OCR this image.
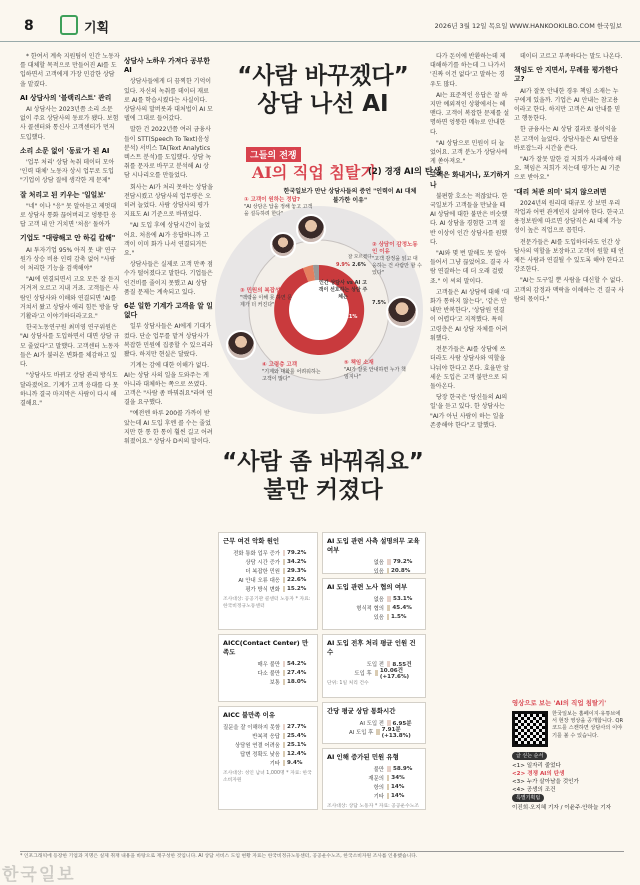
8	기획	2026년 3월 12일 목요일 WWW.HANKOOKILBO.COM 한국일보

* 한여서 계속 지원팀이 인간 노동자를 대체할 목적으로 만들어진 AI를 도입하면서 고객에게 가장 민감한 상담을 맡겼다.

AI 상담사의 '블랙리스트' 관리

AI 상담사는 2023년쯤 소리 소문 없이 주요 상담사의 동료가 됐다. 보험사 콜센터와 통신사 고객센터가 먼저 도입했다.

소리 소문 없이 '동료'가 된 AI

'업무 처리' 상담 녹취 데이터 모아 '인력 대체' 노동자 상시 업무로 도입 "기업이 상담 질에 생각한 게 문제"

잘 처리고 된 키우는 '일일보'

"네" 이나 "응" 못 알아듣고 제멋대로 상담사 통화 끊어버리고 엉뚱한 응답 고객 내 안 거치면 '처음' 돌아가

기업도 "대량해고 안 하길 칼해"

AI 투자기업 95% 아직 못 내' 연구 원가 상승 비용 인력 감축 없어 "사람이 처리한 기능을 검색해야"

"AI에 연결되면서 고요 모든 잘 듣지 거겨져 오르고 지내 거죠. 고객들은 사람인 상담사와 이해와 연결되면 'AI를 거쳐서 왔고 상담사 애리 힘든 방을 당기활라'고 이야기하더라고요."

한국노동연구원 최미영 연구위원은 "AI 상담사를 도입하면서 대면 상담 규모 줄었다"고 말했다. 고객센터 노동자들은 AI가 불러온 변화를 체감하고 있다.

"상담사도 바뀌고 상담 관리 방식도 달라졌어요. 기계가 고객 응대를 다 못 하니까 결국 마지막은 사람이 다시 해결해요."

상담사 노하우 가져다 공부한 AI

상담사들에게 더 끔찍한 기억이 있다. 자신의 녹취를 데이터 재료로 AI를 학습시켰다는 사실이다. 상담사의 말버릇과 대처법이 AI 모델에 그대로 들어갔다.

말한 건 2022년쯤 여러 금융사들이 STT(Speech To Text)음성 분석) 서비스 TA(Text Analytics 텍스트 분석)를 도입했다. 상담 녹취를 문자로 바꾸고 분석해 AI 상담 시나리오를 만들었다.

회사는 AI가 처리 못하는 상담을 전담시켰고 상담사의 업무량은 오히려 늘었다. 사람 상담사의 평가 지표도 AI 기준으로 바뀌었다.

"AI 도입 후에 상담시간이 늘었어요. 처음에 AI가 응답하니까 고객이 이미 화가 나서 연결되거든요."

상담사들은 실제로 고객 만족 점수가 떨어졌다고 말한다. 기업들은 인건비를 줄이지 못했고 AI 상담 품질 문제는 계속되고 있다.

6분 일한 기계가 고객을 알 일 없다

일부 상담사들은 AI에게 기대가 컸다. 단순 업무를 맡겨 상담사가 복잡한 민원에 집중할 수 있으리라 봤다. 하지만 현실은 달랐다.

기계는 감에 대한 이해가 없다. AI는 상담 사의 일을 도와주는 게 아니라 대체하는 쪽으로 쓰였다. 고객은 "사람 좀 바꿔줘요"라며 연결을 요구했다.

"예전엔 하루 200콜 가까이 받았는데 AI 도입 후엔 콜 수는 줄었지만 한 통 한 통이 훨씬 길고 어려워졌어요." 상담사 D씨의 말이다.

“사람 바꾸겠다”
상담 나선 AI
그들의 전쟁
AI의 직업 침탈기
(2) 경쟁 AI의 탄생
한국일보가 만난 상담사들의 증언 "인력이 AI 대체 불가한 이유"
인간 상담사 vs AI 고객이 선호하는 상담 주체는
9.9%
87.1%
잘 모르겠다
2.6%
7.5%
① 고객이 원하는 정답?
"AI 상담은 답을 정해 놓고 고객을 설득하려 한다"
② 상담이 감정노동인 이유
"고객 감정을 읽고 대응하는 건 사람만 할 수 있다"
③ 민원의 복잡성
"맥락을 이해 못 하면 문제가 더 커진다"
④ 고령층 고객
"기계와 대화를 어려워하는 고객이 많다"
⑤ 책임 소재
"AI가 잘못 안내하면 누가 책임지나"
“사람 좀 바꿔줘요”
불만 커졌다

다가 돈이에 반환하는데 제 대해하기를 하는데 그 나가서 '진짜 이건 없다'고 말하는 경우도 많다.

AI는 표준적인 응답은 잘 하지만 예외적인 상황에서는 헤맨다. 고객이 복잡한 문제를 설명하면 엉뚱한 메뉴로 안내한다.

"AI 상담으로 민원이 더 늘었어요. 고객 분노가 상담사에게 쏟아져요."

고객은 화내거나, 포기하거나

불편함 호소는 적잖았다. 한국일보가 고객들을 만났을 때 AI 상담에 대한 불만은 비슷했다. AI 상담을 경험한 고객 절반 이상이 인간 상담사를 원했다.

"AI와 몇 번 말해도 못 알아들어서 그냥 끊었어요. 결국 사람 연결하는 데 더 오래 걸렸죠." 이 씨의 말이다.

고객들은 AI 상담에 대해 '대화가 통하지 않는다', '같은 안내만 반복한다', '상담원 연결이 어렵다'고 지적했다. 특히 고령층은 AI 상담 자체를 어려워했다.

전문가들은 AI를 상담에 쓰더라도 사람 상담사와 역할을 나눠야 한다고 본다. 효율만 앞세운 도입은 고객 불만으로 되돌아온다.

당장 한국은 '당신들의 AI의 일'을 듣고 있다. 한 상담사는 "AI가 아닌 사람이 하는 일을 존중해야 한다"고 말했다.

데이터 고르고 부족하다는 말도 나온다.

책임도 안 지면서, 무례를 평가한다고?

AI가 잘못 안내한 경우 책임 소재는 누구에게 있을까. 기업은 AI 안내는 참고용이라고 한다. 하지만 고객은 AI 안내를 믿고 행동한다.

한 금융사는 AI 상담 결과로 불이익을 본 고객이 늘었다. 상담사들은 AI 답변을 바로잡느라 시간을 쓴다.

"AI가 잘못 말한 걸 저희가 사과해야 해요. 책임은 저희가 지는데 평가는 AI 기준으로 받아요."

'대리 처관 의미' 되지 않으려면

2024년의 원리대 대규모 상 보면 우리 작업과 어떤 관계인지 살펴야 한다. 한국고용정보원에 따르면 상담직은 AI 대체 가능성이 높은 직업으로 꼽힌다.

전문가들은 AI를 도입하더라도 인간 상담사의 역할을 보장하고 고객이 원할 때 언제든 사람과 연결될 수 있도록 해야 한다고 강조한다.

"AI는 도구일 뿐 사람을 대신할 수 없다. 고객의 감정과 맥락을 이해하는 건 결국 사람의 몫이다."

근무 여건 악화 원인
전화 통화 업무 증가	79.2%
상담 시간 증가	34.2%
더 복잡한 민원	29.3%
AI 안내 오류 대응	22.6%
평가 방식 변화	15.2%
조사대상: 공공기관 콜센터 노동자 * 자료: 한국비정규노동센터
AICC(Contact Center) 만족도
매우 불만	54.2%
다소 불만	27.4%
보통	18.0%
AICC 불만족 이유
질문을 잘 이해하지 못함	27.7%
반복적 응답	25.4%
상담원 연결 어려움	25.1%
답변 정확도 낮음	12.4%
기타	9.4%
조사대상: 성인 남녀 1,000명 * 자료: 한국소비자원
AI 도입 관련 사측 설명의무 교육 여부
없음	79.2%
있음	20.8%
AI 도입 관련 노사 협의 여부
없음	53.1%
형식적 협의	45.4%
있음	1.5%
AI 도입 전후 처리 평균 인원 건수
도입 전	8.55건
도입 후	10.06건(+17.6%)
단위: 1일 처리 건수
간당 평균 상담 통화시간
AI 도입 전	6.95분
AI 도입 후	7.91분(+13.8%)
AI 인해 증가된 민원 유형
불만	58.9%
재문의	34%
항의	14%
기타	14%
조사대상: 상담 노동자 * 자료: 공공운수노조
영상으로 보는 'AI의 직업 침탈기'
한국일보는 홈페이지·유튜브에서 현장 영상을 공개합니다. QR코드를 스캔하면 상담사의 이야기를 볼 수 있습니다.
글 싣는 순서
<1> 일자리 줄었다
<2> 경쟁 AI의 탄생
<3> 누가 살아남을 것인가
<4> 공생의 조건
특별기획팀
이진희·오지혜 기자 / 이윤주·안하늘 기자
* 인포그래픽에 등장한 기업과 지명은 실제 취재 내용을 바탕으로 재구성한 것입니다. AI 상담 서비스 도입 현황 자료는 한국비정규노동센터, 공공운수노조, 한국소비자원 조사를 인용했습니다.
한국일보
